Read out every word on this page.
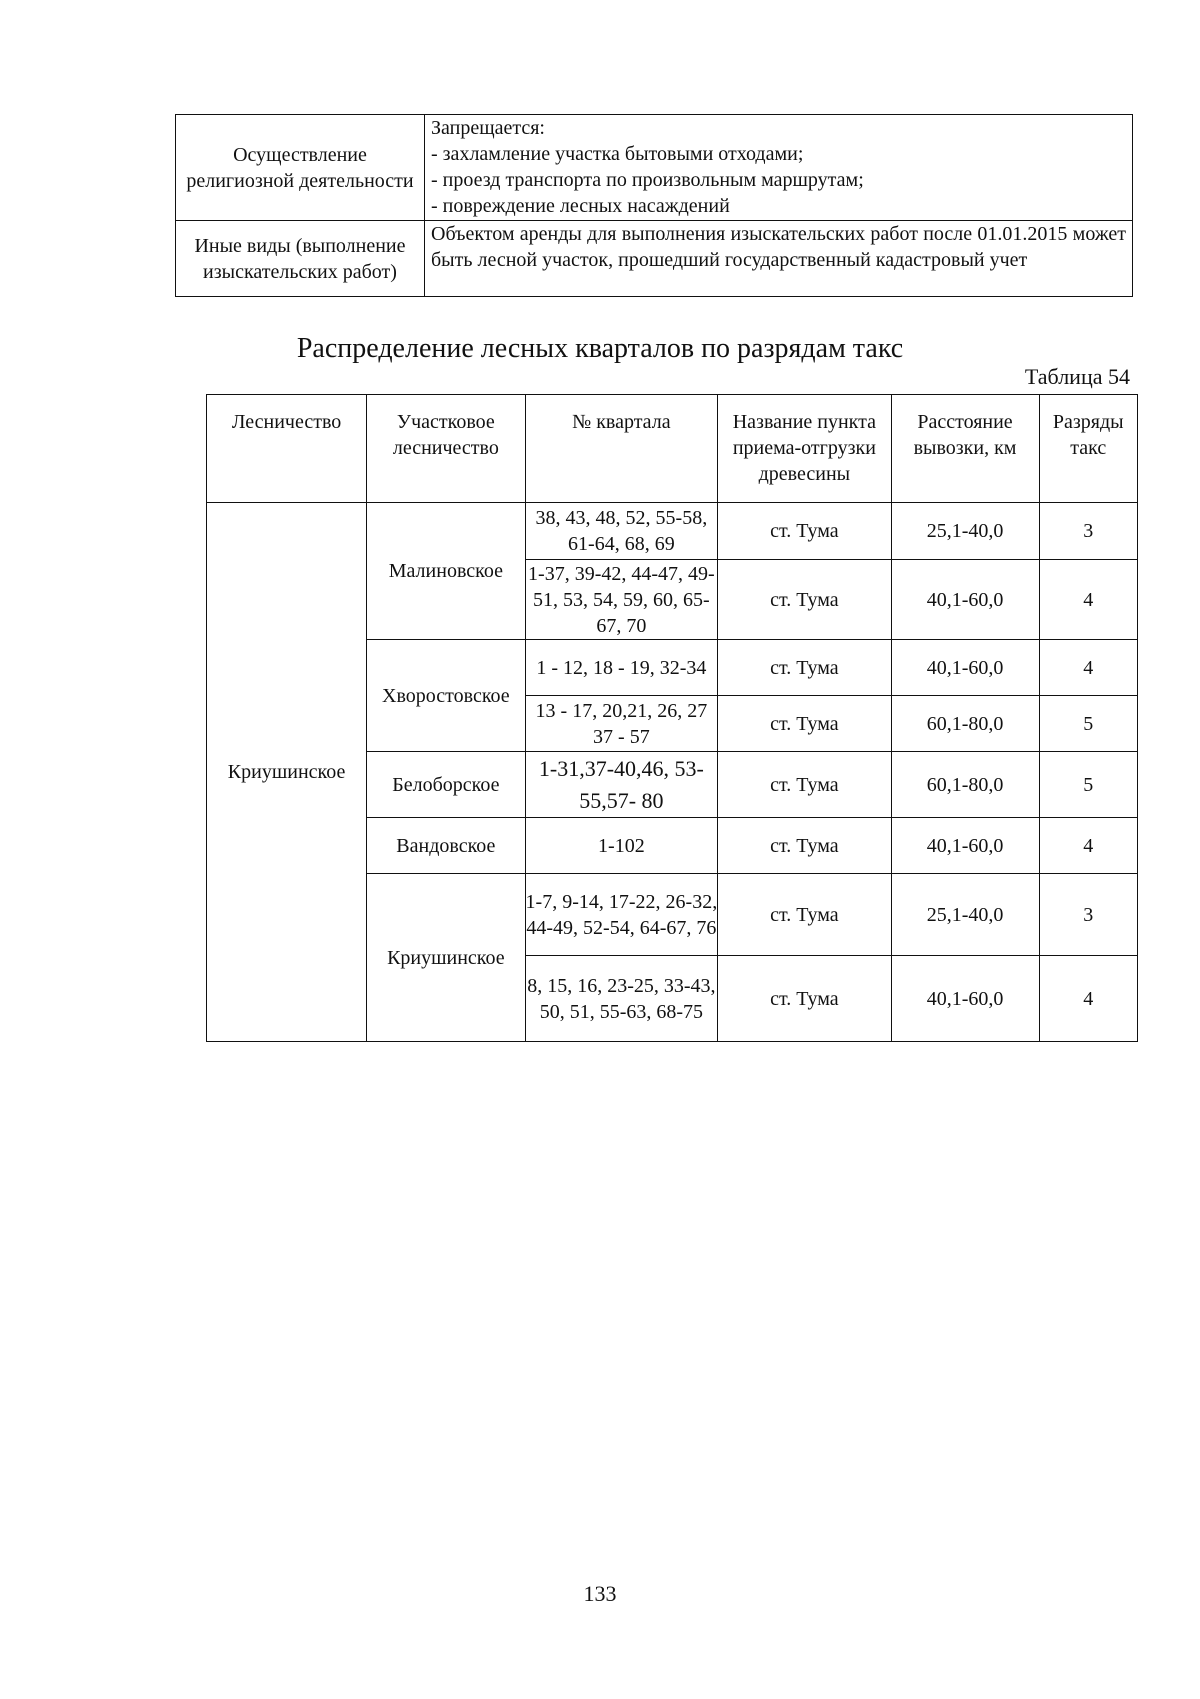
Осуществление религиозной деятельности	Запрещается:
- захламление участка бытовыми отходами;
- проезд транспорта по произвольным маршрутам;
- повреждение лесных насаждений

Иные виды (выполнение изыскательских работ)	Объектом аренды для выполнения изыскательских работ после 01.01.2015 может быть лесной участок, прошедший государственный кадастровый учет
Распределение лесных кварталов по разрядам такс
Таблица 54
Лесничество	Участковое лесничество	№ квартала	Название пункта приема-отгрузки древесины	Расстояние вывозки, км	Разряды такс
Криушинское	Малиновское	38, 43, 48, 52, 55-58, 61-64, 68, 69	ст. Тума	25,1-40,0	3
		1-37, 39-42, 44-47, 49-51, 53, 54, 59, 60, 65-67, 70	ст. Тума	40,1-60,0	4
	Хворостовское	1 - 12, 18 - 19, 32-34	ст. Тума	40,1-60,0	4
		13 - 17, 20,21, 26, 27 37 - 57	ст. Тума	60,1-80,0	5
	Белоборское	1-31,37-40,46, 53-55,57- 80	ст. Тума	60,1-80,0	5
	Вандовское	1-102	ст. Тума	40,1-60,0	4
	Криушинское	1-7, 9-14, 17-22, 26-32, 44-49, 52-54, 64-67, 76	ст. Тума	25,1-40,0	3
		8, 15, 16, 23-25, 33-43, 50, 51, 55-63, 68-75	ст. Тума	40,1-60,0	4
133
